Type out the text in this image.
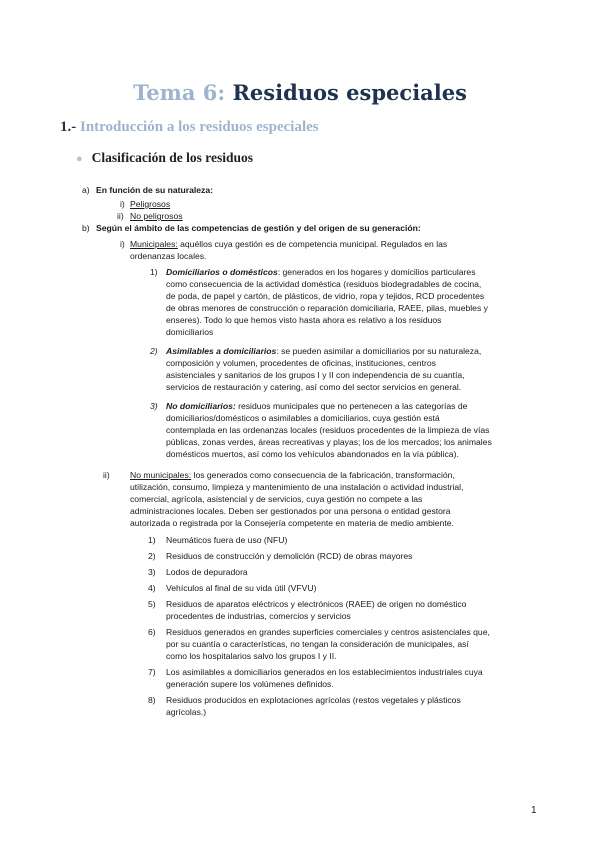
Tema 6: Residuos especiales
1.- Introducción a los residuos especiales
● Clasificación de los residuos
a) En función de su naturaleza:
i) Peligrosos
ii) No peligrosos
b) Según el ámbito de las competencias de gestión y del origen de su generación:
i) Municipales: aquéllos cuya gestión es de competencia municipal. Regulados en las
ordenanzas locales.
1) Domiciliarios o domésticos: generados en los hogares y domicilios particulares
como consecuencia de la actividad doméstica (residuos biodegradables de cocina,
de poda, de papel y cartón, de plásticos, de vidrio, ropa y tejidos, RCD procedentes
de obras menores de construcción o reparación domiciliaria, RAEE, pilas, muebles y
enseres). Todo lo que hemos visto hasta ahora es relativo a los residuos
domiciliarios
2) Asimilables a domiciliarios: se pueden asimilar a domiciliarios por su naturaleza,
composición y volumen, procedentes de oficinas, instituciones, centros
asistenciales y sanitarios de los grupos I y II con independencia de su cuantía,
servicios de restauración y catering, así como del sector servicios en general.
3) No domiciliarios: residuos municipales que no pertenecen a las categorías de
domiciliarios/domésticos o asimilables a domiciliarios, cuya gestión está
contemplada en las ordenanzas locales (residuos procedentes de la limpieza de vías
públicas, zonas verdes, áreas recreativas y playas; los de los mercados; los animales
domésticos muertos, así como los vehículos abandonados en la vía pública).
ii) No municipales: los generados como consecuencia de la fabricación, transformación,
utilización, consumo, limpieza y mantenimiento de una instalación o actividad industrial,
comercial, agrícola, asistencial y de servicios, cuya gestión no compete a las
administraciones locales. Deben ser gestionados por una persona o entidad gestora
autorizada o registrada por la Consejería competente en materia de medio ambiente.
1) Neumáticos fuera de uso (NFU)
2) Residuos de construcción y demolición (RCD) de obras mayores
3) Lodos de depuradora
4) Vehículos al final de su vida útil (VFVU)
5) Residuos de aparatos eléctricos y electrónicos (RAEE) de origen no doméstico
procedentes de industrias, comercios y servicios
6) Residuos generados en grandes superficies comerciales y centros asistenciales que,
por su cuantía o características, no tengan la consideración de municipales, así
como los hospitalarios salvo los grupos I y II.
7) Los asimilables a domiciliarios generados en los establecimientos industriales cuya
generación supere los volúmenes definidos.
8) Residuos producidos en explotaciones agrícolas (restos vegetales y plásticos
agrícolas.)
1
